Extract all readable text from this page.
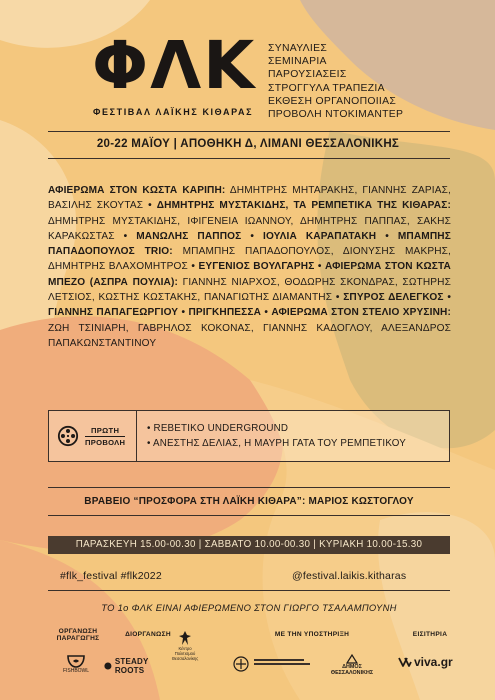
ΦΛΚ
ΦΕΣΤΙΒΑΛ ΛΑΪΚΗΣ ΚΙΘΑΡΑΣ
ΣΥΝΑΥΛΙΕΣ
ΣΕΜΙΝΑΡΙΑ
ΠΑΡΟΥΣΙΑΣΕΙΣ
ΣΤΡΟΓΓΥΛΑ ΤΡΑΠΕΖΙΑ
ΕΚΘΕΣΗ ΟΡΓΑΝΟΠΟΙΙΑΣ
ΠΡΟΒΟΛΗ ΝΤΟΚΙΜΑΝΤΕΡ
20-22 ΜΑΪΟΥ | ΑΠΟΘΗΚΗ Δ, ΛΙΜΑΝΙ ΘΕΣΣΑΛΟΝΙΚΗΣ
ΑΦΙΕΡΩΜΑ ΣΤΟΝ ΚΩΣΤΑ ΚΑΡΙΠΗ: ΔΗΜΗΤΡΗΣ ΜΗΤΑΡΑΚΗΣ, ΓΙΑΝΝΗΣ ΖΑΡΙΑΣ, ΒΑΣΙΛΗΣ ΣΚΟΥΤΑΣ • ΔΗΜΗΤΡΗΣ ΜΥΣΤΑΚΙΔΗΣ, ΤΑ ΡΕΜΠΕΤΙΚΑ ΤΗΣ ΚΙΘΑΡΑΣ: ΔΗΜΗΤΡΗΣ ΜΥΣΤΑΚΙΔΗΣ, ΙΦΙΓΕΝΕΙΑ ΙΩΑΝΝΟΥ, ΔΗΜΗΤΡΗΣ ΠΑΠΠΑΣ, ΣΑΚΗΣ ΚΑΡΑΚΩΣΤΑΣ • ΜΑΝΩΛΗΣ ΠΑΠΠΟΣ • ΙΟΥΛΙΑ ΚΑΡΑΠΑΤΑΚΗ • ΜΠΑΜΠΗΣ ΠΑΠΑΔΟΠΟΥΛΟΣ TRIO: ΜΠΑΜΠΗΣ ΠΑΠΑΔΟΠΟΥΛΟΣ, ΔΙΟΝΥΣΗΣ ΜΑΚΡΗΣ, ΔΗΜΗΤΡΗΣ ΒΛΑΧΟΜΗΤΡΟΣ • ΕΥΓΕΝΙΟΣ ΒΟΥΛΓΑΡΗΣ • ΑΦΙΕΡΩΜΑ ΣΤΟΝ ΚΩΣΤΑ ΜΠΕΖΟ (ΑΣΠΡΑ ΠΟΥΛΙΑ): ΓΙΑΝΝΗΣ ΝΙΑΡΧΟΣ, ΘΟΔΩΡΗΣ ΣΚΟΝΔΡΑΣ, ΣΩΤΗΡΗΣ ΛΕΤΣΙΟΣ, ΚΩΣΤΗΣ ΚΩΣΤΑΚΗΣ, ΠΑΝΑΓΙΩΤΗΣ ΔΙΑΜΑΝΤΗΣ • ΣΠΥΡΟΣ ΔΕΛΕΓΚΟΣ • ΓΙΑΝΝΗΣ ΠΑΠΑΓΕΩΡΓΙΟΥ • ΠΡΙΓΚΗΠΕΣΣΑ • ΑΦΙΕΡΩΜΑ ΣΤΟΝ ΣΤΕΛΙΟ ΧΡΥΣΙΝΗ: ΖΩΗ ΤΣΙΝΙΑΡΗ, ΓΑΒΡΗΛΟΣ ΚΟΚΟΝΑΣ, ΓΙΑΝΝΗΣ ΚΑΔΟΓΛΟΥ, ΑΛΕΞΑΝΔΡΟΣ ΠΑΠΑΚΩΝΣΤΑΝΤΙΝΟΥ
ΠΡΩΤΗ
ΠΡΟΒΟΛΗ
• REBETIKO UNDERGROUND
• ΑΝΕΣΤΗΣ ΔΕΛΙΑΣ, Η ΜΑΥΡΗ ΓΑΤΑ ΤΟΥ ΡΕΜΠΕΤΙΚΟΥ
ΒΡΑΒΕΙΟ “ΠΡΟΣΦΟΡΑ ΣΤΗ ΛΑΪΚΗ ΚΙΘΑΡΑ”: ΜΑΡΙΟΣ ΚΩΣΤΟΓΛΟΥ
ΠΑΡΑΣΚΕΥΗ 15.00-00.30 | ΣΑΒΒΑΤΟ 10.00-00.30 | ΚΥΡΙΑΚΗ 10.00-15.30
#flk_festival #flk2022	@festival.laikis.kitharas
ΤΟ 1ο ΦΛΚ ΕΙΝΑΙ ΑΦΙΕΡΩΜΕΝΟ ΣΤΟΝ ΓΙΩΡΓΟ ΤΣΑΛΑΜΠΟΥΝΗ
ΟΡΓΑΝΩΣΗ ΠΑΡΑΓΩΓΗΣ
ΔΙΟΡΓΑΝΩΣΗ	ΜΕ ΤΗΝ ΥΠΟΣΤΗΡΙΞΗ	ΕΙΣΙΤΗΡΙΑ
FISHBOWL
STEADY ROOTS
Κέντρο Πολιτισμού Θεσσαλονίκης
ΔΗΜΟΣ ΘΕΣΣΑΛΟΝΙΚΗΣ
viva.gr
